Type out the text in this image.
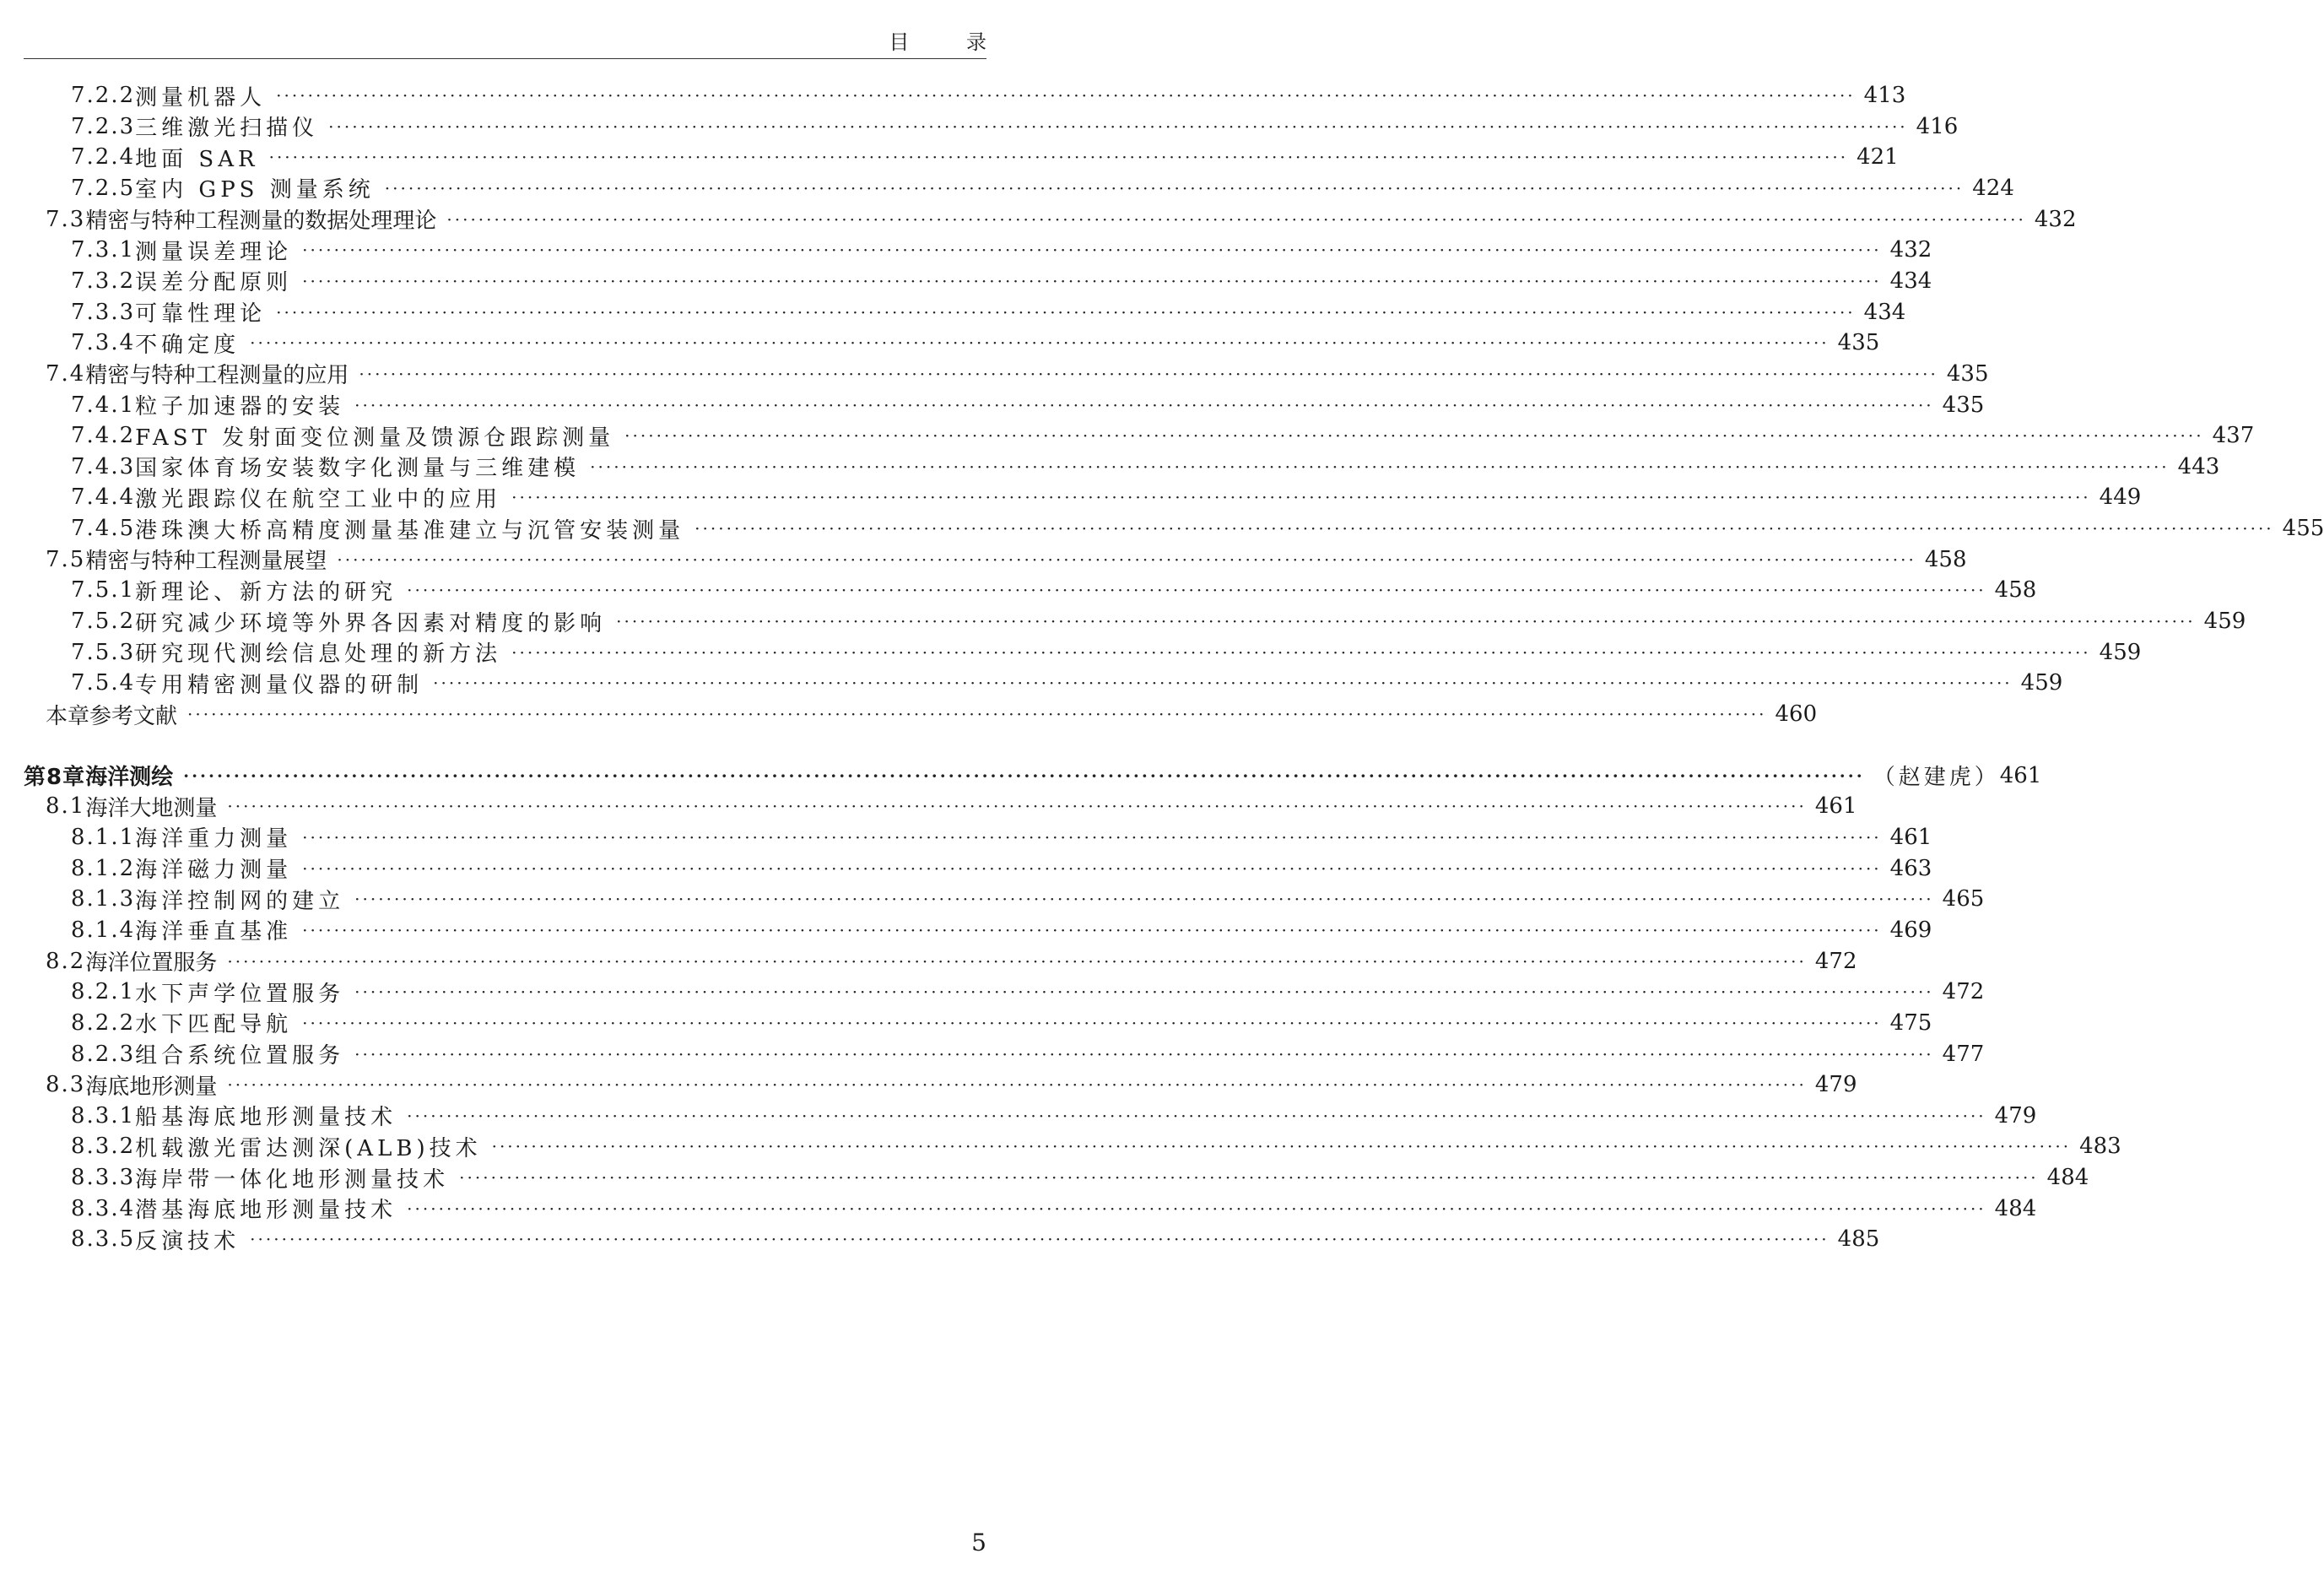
目 录
7.2.2 测量机器人 ········································································································································································································ 413
7.2.3 三维激光扫描仪 ········································································································································································································ 416
7.2.4 地面 SAR ········································································································································································································ 421
7.2.5 室内 GPS 测量系统 ········································································································································································································ 424
7.3 精密与特种工程测量的数据处理理论 ········································································································································································································ 432
7.3.1 测量误差理论 ········································································································································································································ 432
7.3.2 误差分配原则 ········································································································································································································ 434
7.3.3 可靠性理论 ········································································································································································································ 434
7.3.4 不确定度 ········································································································································································································ 435
7.4 精密与特种工程测量的应用 ········································································································································································································ 435
7.4.1 粒子加速器的安装 ········································································································································································································ 435
7.4.2 FAST 发射面变位测量及馈源仓跟踪测量 ········································································································································································································ 437
7.4.3 国家体育场安装数字化测量与三维建模 ········································································································································································································ 443
7.4.4 激光跟踪仪在航空工业中的应用 ········································································································································································································ 449
7.4.5 港珠澳大桥高精度测量基准建立与沉管安装测量 ········································································································································································································ 455
7.5 精密与特种工程测量展望 ········································································································································································································ 458
7.5.1 新理论、新方法的研究 ········································································································································································································ 458
7.5.2 研究减少环境等外界各因素对精度的影响 ········································································································································································································ 459
7.5.3 研究现代测绘信息处理的新方法 ········································································································································································································ 459
7.5.4 专用精密测量仪器的研制 ········································································································································································································ 459
本章参考文献 ········································································································································································································ 460
第8章 海洋测绘 ········································································································································································································ （赵建虎） 461
8.1 海洋大地测量 ········································································································································································································ 461
8.1.1 海洋重力测量 ········································································································································································································ 461
8.1.2 海洋磁力测量 ········································································································································································································ 463
8.1.3 海洋控制网的建立 ········································································································································································································ 465
8.1.4 海洋垂直基准 ········································································································································································································ 469
8.2 海洋位置服务 ········································································································································································································ 472
8.2.1 水下声学位置服务 ········································································································································································································ 472
8.2.2 水下匹配导航 ········································································································································································································ 475
8.2.3 组合系统位置服务 ········································································································································································································ 477
8.3 海底地形测量 ········································································································································································································ 479
8.3.1 船基海底地形测量技术 ········································································································································································································ 479
8.3.2 机载激光雷达测深(ALB)技术 ········································································································································································································ 483
8.3.3 海岸带一体化地形测量技术 ········································································································································································································ 484
8.3.4 潜基海底地形测量技术 ········································································································································································································ 484
8.3.5 反演技术 ········································································································································································································ 485
5
